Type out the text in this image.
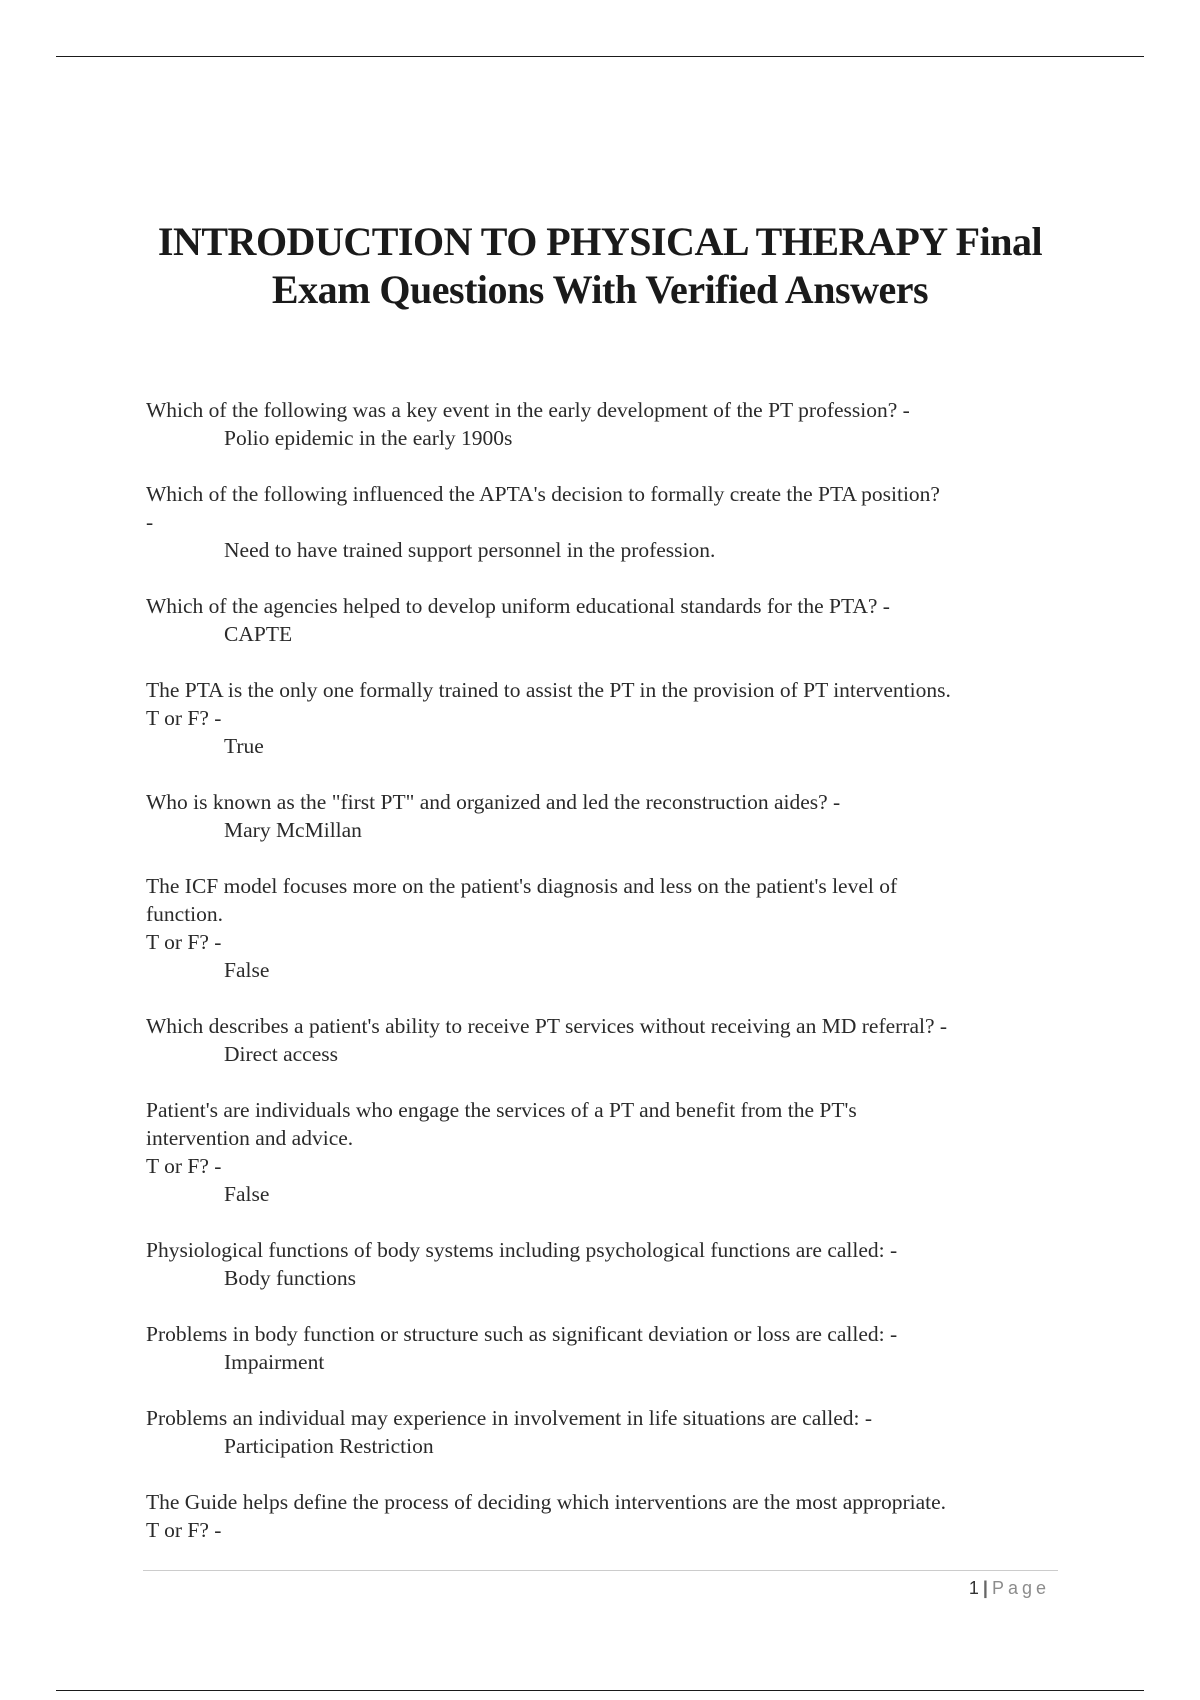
INTRODUCTION TO PHYSICAL THERAPY Final
Exam Questions With Verified Answers
Which of the following was a key event in the early development of the PT profession? -
Polio epidemic in the early 1900s
Which of the following influenced the APTA's decision to formally create the PTA position?
-
Need to have trained support personnel in the profession.
Which of the agencies helped to develop uniform educational standards for the PTA? -
CAPTE
The PTA is the only one formally trained to assist the PT in the provision of PT interventions.
T or F? -
True
Who is known as the "first PT" and organized and led the reconstruction aides? -
Mary McMillan
The ICF model focuses more on the patient's diagnosis and less on the patient's level of
function.
T or F? -
False
Which describes a patient's ability to receive PT services without receiving an MD referral? -
Direct access
Patient's are individuals who engage the services of a PT and benefit from the PT's
intervention and advice.
T or F? -
False
Physiological functions of body systems including psychological functions are called: -
Body functions
Problems in body function or structure such as significant deviation or loss are called: -
Impairment
Problems an individual may experience in involvement in life situations are called: -
Participation Restriction
The Guide helps define the process of deciding which interventions are the most appropriate.
T or F? -
1 | Page
